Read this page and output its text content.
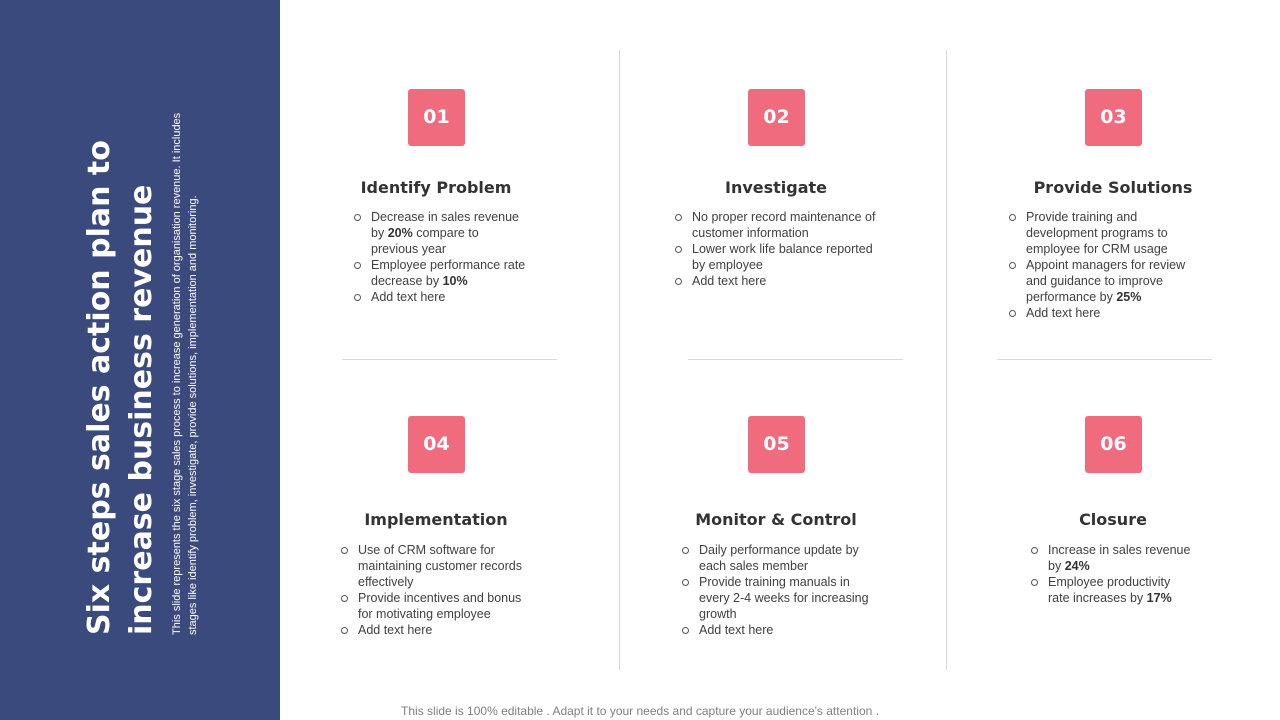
Six steps sales action plan to increase business revenue	This slide represents the six stage sales process to increase generation of organisation revenue. It includes stages like identify problem, investigate, provide solutions, implementation and monitoring.

01
Identify Problem
Decrease in sales revenue by 20% compare to previous year
Employee performance rate decrease by 10%
Add text here
02
Investigate
No proper record maintenance of customer information
Lower work life balance reported by employee
Add text here
03
Provide Solutions
Provide training and development programs to employee for CRM usage
Appoint managers for review and guidance to improve performance by 25%
Add text here
04
Implementation
Use of CRM software for maintaining customer records effectively
Provide incentives and bonus for motivating employee
Add text here
05
Monitor & Control
Daily performance update by each sales member
Provide training manuals in every 2-4 weeks for increasing growth
Add text here
06
Closure
Increase in sales revenue by 24%
Employee productivity rate increases by 17%
This slide is 100% editable . Adapt it to your needs and capture your audience's attention .
